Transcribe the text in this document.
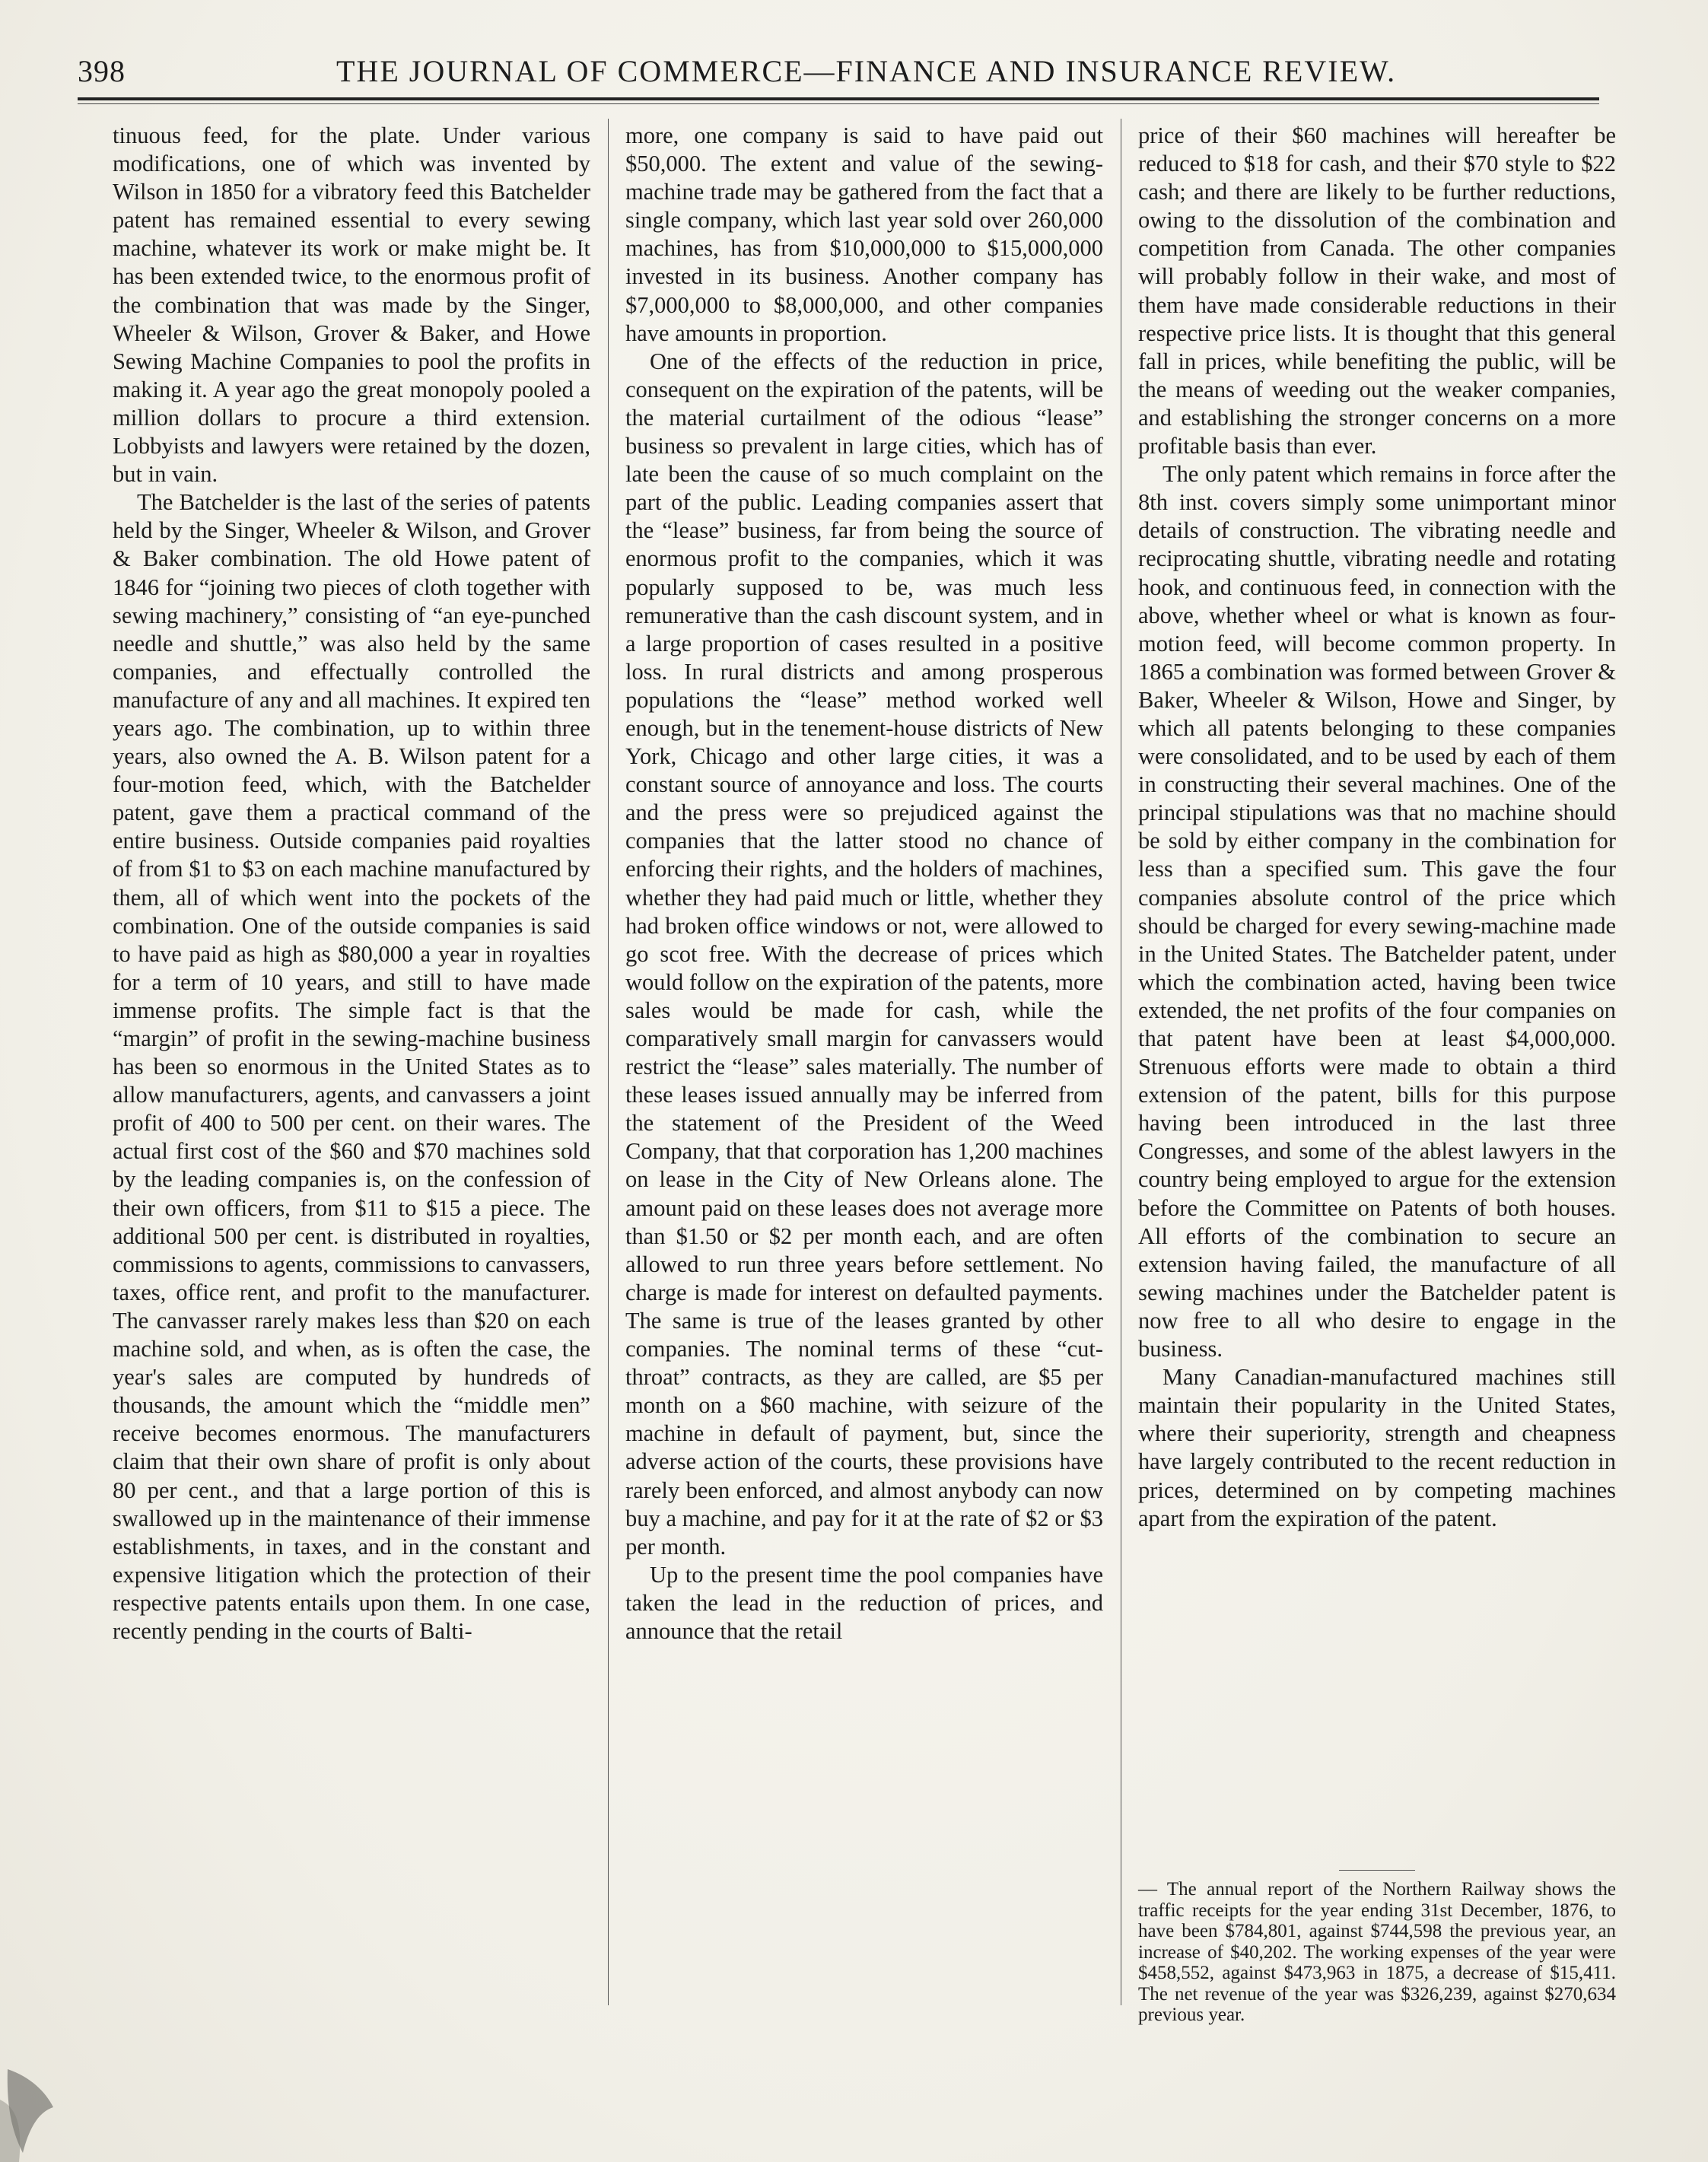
398	THE JOURNAL OF COMMERCE—FINANCE AND INSURANCE REVIEW.

tinuous feed, for the plate. Under various modifications, one of which was invented by Wilson in 1850 for a vibratory feed this Batchelder patent has remained essential to every sewing machine, whatever its work or make might be. It has been extended twice, to the enormous profit of the combination that was made by the Singer, Wheeler & Wilson, Grover & Baker, and Howe Sewing Machine Companies to pool the profits in making it. A year ago the great monopoly pooled a million dollars to procure a third extension. Lobbyists and lawyers were retained by the dozen, but in vain.

The Batchelder is the last of the series of patents held by the Singer, Wheeler & Wilson, and Grover & Baker combination. The old Howe patent of 1846 for “joining two pieces of cloth together with sewing machinery,” consisting of “an eye-punched needle and shuttle,” was also held by the same companies, and effectually controlled the manufacture of any and all machines. It expired ten years ago. The combination, up to within three years, also owned the A. B. Wilson patent for a four-motion feed, which, with the Batchelder patent, gave them a practical command of the entire business. Outside companies paid royalties of from $1 to $3 on each machine manufactured by them, all of which went into the pockets of the combination. One of the outside companies is said to have paid as high as $80,000 a year in royalties for a term of 10 years, and still to have made immense profits. The simple fact is that the “margin” of profit in the sewing-machine business has been so enormous in the United States as to allow manufacturers, agents, and canvassers a joint profit of 400 to 500 per cent. on their wares. The actual first cost of the $60 and $70 machines sold by the leading companies is, on the confession of their own officers, from $11 to $15 a piece. The additional 500 per cent. is distributed in royalties, commissions to agents, commissions to canvassers, taxes, office rent, and profit to the manufacturer. The canvasser rarely makes less than $20 on each machine sold, and when, as is often the case, the year's sales are computed by hundreds of thousands, the amount which the “middle men” receive becomes enormous. The manufacturers claim that their own share of profit is only about 80 per cent., and that a large portion of this is swallowed up in the maintenance of their immense establishments, in taxes, and in the constant and expensive litigation which the protection of their respective patents entails upon them. In one case, recently pending in the courts of Balti-

more, one company is said to have paid out $50,000. The extent and value of the sewing-machine trade may be gathered from the fact that a single company, which last year sold over 260,000 machines, has from $10,000,000 to $15,000,000 invested in its business. Another company has $7,000,000 to $8,000,000, and other companies have amounts in proportion.

One of the effects of the reduction in price, consequent on the expiration of the patents, will be the material curtailment of the odious “lease” business so prevalent in large cities, which has of late been the cause of so much complaint on the part of the public. Leading companies assert that the “lease” business, far from being the source of enormous profit to the companies, which it was popularly supposed to be, was much less remunerative than the cash discount system, and in a large proportion of cases resulted in a positive loss. In rural districts and among prosperous populations the “lease” method worked well enough, but in the tenement-house districts of New York, Chicago and other large cities, it was a constant source of annoyance and loss. The courts and the press were so prejudiced against the companies that the latter stood no chance of enforcing their rights, and the holders of machines, whether they had paid much or little, whether they had broken office windows or not, were allowed to go scot free. With the decrease of prices which would follow on the expiration of the patents, more sales would be made for cash, while the comparatively small margin for canvassers would restrict the “lease” sales materially. The number of these leases issued annually may be inferred from the statement of the President of the Weed Company, that that corporation has 1,200 machines on lease in the City of New Orleans alone. The amount paid on these leases does not average more than $1.50 or $2 per month each, and are often allowed to run three years before settlement. No charge is made for interest on defaulted payments. The same is true of the leases granted by other companies. The nominal terms of these “cut-throat” contracts, as they are called, are $5 per month on a $60 machine, with seizure of the machine in default of payment, but, since the adverse action of the courts, these provisions have rarely been enforced, and almost anybody can now buy a machine, and pay for it at the rate of $2 or $3 per month.

Up to the present time the pool companies have taken the lead in the reduction of prices, and announce that the retail

price of their $60 machines will hereafter be reduced to $18 for cash, and their $70 style to $22 cash; and there are likely to be further reductions, owing to the dissolution of the combination and competition from Canada. The other companies will probably follow in their wake, and most of them have made considerable reductions in their respective price lists. It is thought that this general fall in prices, while benefiting the public, will be the means of weeding out the weaker companies, and establishing the stronger concerns on a more profitable basis than ever.

The only patent which remains in force after the 8th inst. covers simply some unimportant minor details of construction. The vibrating needle and reciprocating shuttle, vibrating needle and rotating hook, and continuous feed, in connection with the above, whether wheel or what is known as four-motion feed, will become common property. In 1865 a combination was formed between Grover & Baker, Wheeler & Wilson, Howe and Singer, by which all patents belonging to these companies were consolidated, and to be used by each of them in constructing their several machines. One of the principal stipulations was that no machine should be sold by either company in the combination for less than a specified sum. This gave the four companies absolute control of the price which should be charged for every sewing-machine made in the United States. The Batchelder patent, under which the combination acted, having been twice extended, the net profits of the four companies on that patent have been at least $4,000,000. Strenuous efforts were made to obtain a third extension of the patent, bills for this purpose having been introduced in the last three Congresses, and some of the ablest lawyers in the country being employed to argue for the extension before the Committee on Patents of both houses. All efforts of the combination to secure an extension having failed, the manufacture of all sewing machines under the Batchelder patent is now free to all who desire to engage in the business.

Many Canadian-manufactured machines still maintain their popularity in the United States, where their superiority, strength and cheapness have largely contributed to the recent reduction in prices, determined on by competing machines apart from the expiration of the patent.

— The annual report of the Northern Railway shows the traffic receipts for the year ending 31st December, 1876, to have been $784,801, against $744,598 the previous year, an increase of $40,202. The working expenses of the year were $458,552, against $473,963 in 1875, a decrease of $15,411. The net revenue of the year was $326,239, against $270,634 previous year.
